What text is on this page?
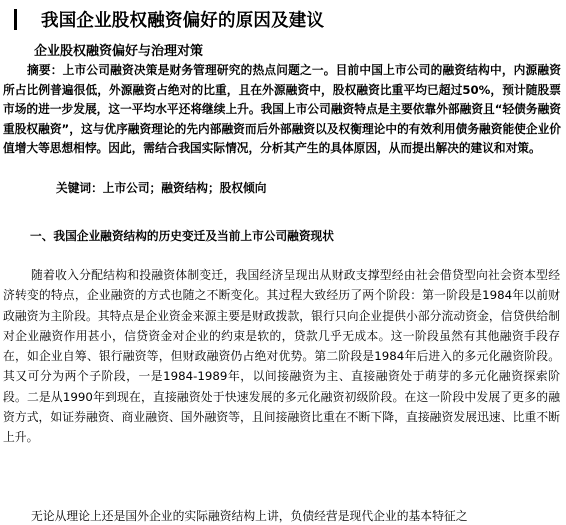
我国企业股权融资偏好的原因及建议
企业股权融资偏好与治理对策

摘要：上市公司融资决策是财务管理研究的热点问题之一。目前中国上市公司的融资结构中，内源融资所占比例普遍很低，外源融资占绝对的比重，且在外源融资中，股权融资比重平均已超过50%，预计随股票市场的进一步发展，这一平均水平还将继续上升。我国上市公司融资特点是主要依靠外部融资且“轻债务融资重股权融资”，这与优序融资理论的先内部融资而后外部融资以及权衡理论中的有效利用债务融资能使企业价值增大等思想相悖。因此，需结合我国实际情况，分析其产生的具体原因，从而提出解决的建议和对策。

关键词：上市公司；融资结构；股权倾向
一、我国企业融资结构的历史变迁及当前上市公司融资现状

随着收入分配结构和投融资体制变迁，我国经济呈现出从财政支撑型经由社会借贷型向社会资本型经济转变的特点，企业融资的方式也随之不断变化。其过程大致经历了两个阶段：第一阶段是1984年以前财政融资为主阶段。其特点是企业资金来源主要是财政拨款，银行只向企业提供小部分流动资金，信贷供给制对企业融资作用甚小，信贷资金对企业的约束是软的，贷款几乎无成本。这一阶段虽然有其他融资手段存在，如企业自筹、银行融资等，但财政融资仍占绝对优势。第二阶段是1984年后进入的多元化融资阶段。其又可分为两个子阶段，一是1984-1989年，以间接融资为主、直接融资处于萌芽的多元化融资探索阶段。二是从1990年到现在，直接融资处于快速发展的多元化融资初级阶段。在这一阶段中发展了更多的融资方式，如证券融资、商业融资、国外融资等，且间接融资比重在不断下降，直接融资发展迅速、比重不断上升。

无论从理论上还是国外企业的实际融资结构上讲，负债经营是现代企业的基本特征之
